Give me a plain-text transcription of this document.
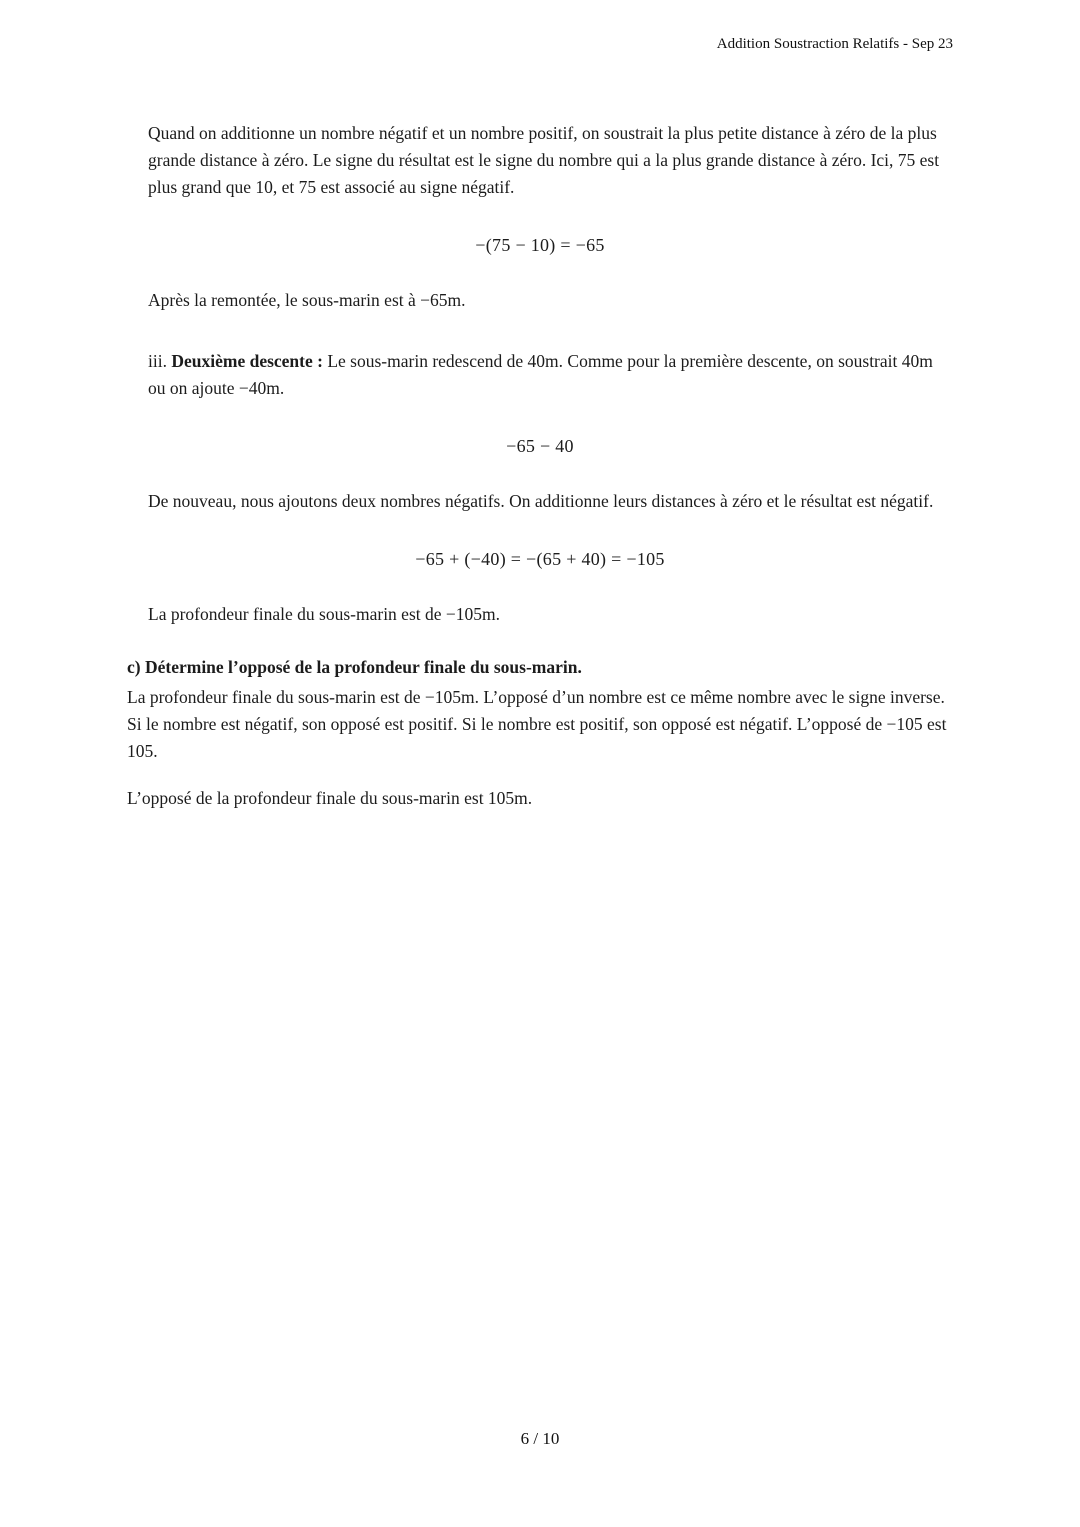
Addition Soustraction Relatifs - Sep 23

Quand on additionne un nombre négatif et un nombre positif, on soustrait la plus petite distance à zéro de la plus grande distance à zéro. Le signe du résultat est le signe du nombre qui a la plus grande distance à zéro. Ici, 75 est plus grand que 10, et 75 est associé au signe négatif.

−(75 − 10) = −65

Après la remontée, le sous-marin est à −65m.

iii. Deuxième descente : Le sous-marin redescend de 40m. Comme pour la première descente, on soustrait 40m ou on ajoute −40m.

−65 − 40

De nouveau, nous ajoutons deux nombres négatifs. On additionne leurs distances à zéro et le résultat est négatif.

−65 + (−40) = −(65 + 40) = −105

La profondeur finale du sous-marin est de −105m.

c) Détermine l’opposé de la profondeur finale du sous-marin.

La profondeur finale du sous-marin est de −105m. L’opposé d’un nombre est ce même nombre avec le signe inverse. Si le nombre est négatif, son opposé est positif. Si le nombre est positif, son opposé est négatif. L’opposé de −105 est 105.

L’opposé de la profondeur finale du sous-marin est 105m.

6 / 10
